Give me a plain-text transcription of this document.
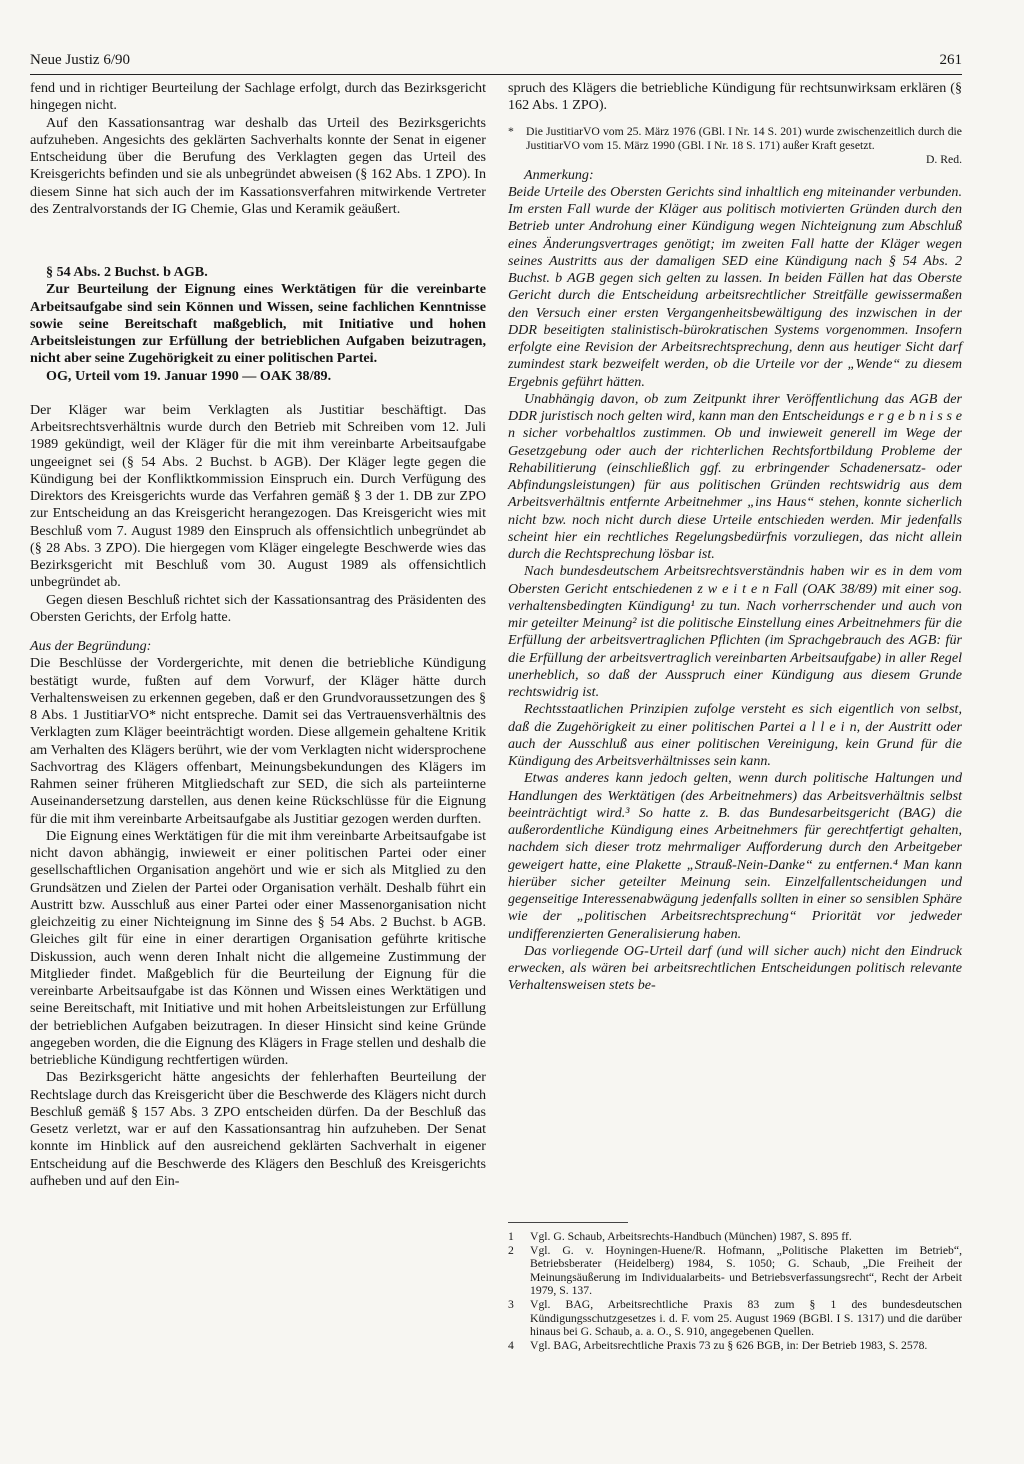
Neue Justiz 6/90	261

fend und in richtiger Beurteilung der Sachlage erfolgt, durch das Bezirksgericht hingegen nicht.

Auf den Kassationsantrag war deshalb das Urteil des Bezirksgerichts aufzuheben. Angesichts des geklärten Sachverhalts konnte der Senat in eigener Entscheidung über die Berufung des Verklagten gegen das Urteil des Kreisgerichts befinden und sie als unbegründet abweisen (§ 162 Abs. 1 ZPO). In diesem Sinne hat sich auch der im Kassationsverfahren mitwirkende Vertreter des Zentralvorstands der IG Chemie, Glas und Keramik geäußert.

§ 54 Abs. 2 Buchst. b AGB.

Zur Beurteilung der Eignung eines Werktätigen für die vereinbarte Arbeitsaufgabe sind sein Können und Wissen, seine fachlichen Kenntnisse sowie seine Bereitschaft maßgeblich, mit Initiative und hohen Arbeitsleistungen zur Erfüllung der betrieblichen Aufgaben beizutragen, nicht aber seine Zugehörigkeit zu einer politischen Partei.

OG, Urteil vom 19. Januar 1990 — OAK 38/89.

Der Kläger war beim Verklagten als Justitiar beschäftigt. Das Arbeitsrechtsverhältnis wurde durch den Betrieb mit Schreiben vom 12. Juli 1989 gekündigt, weil der Kläger für die mit ihm vereinbarte Arbeitsaufgabe ungeeignet sei (§ 54 Abs. 2 Buchst. b AGB). Der Kläger legte gegen die Kündigung bei der Konfliktkommission Einspruch ein. Durch Verfügung des Direktors des Kreisgerichts wurde das Verfahren gemäß § 3 der 1. DB zur ZPO zur Entscheidung an das Kreisgericht herangezogen. Das Kreisgericht wies mit Beschluß vom 7. August 1989 den Einspruch als offensichtlich unbegründet ab (§ 28 Abs. 3 ZPO). Die hiergegen vom Kläger eingelegte Beschwerde wies das Bezirksgericht mit Beschluß vom 30. August 1989 als offensichtlich unbegründet ab.

Gegen diesen Beschluß richtet sich der Kassationsantrag des Präsidenten des Obersten Gerichts, der Erfolg hatte.

Aus der Begründung:

Die Beschlüsse der Vordergerichte, mit denen die betriebliche Kündigung bestätigt wurde, fußten auf dem Vorwurf, der Kläger hätte durch Verhaltensweisen zu erkennen gegeben, daß er den Grundvoraussetzungen des § 8 Abs. 1 JustitiarVO* nicht entspreche. Damit sei das Vertrauensverhältnis des Verklagten zum Kläger beeinträchtigt worden. Diese allgemein gehaltene Kritik am Verhalten des Klägers berührt, wie der vom Verklagten nicht widersprochene Sachvortrag des Klägers offenbart, Meinungsbekundungen des Klägers im Rahmen seiner früheren Mitgliedschaft zur SED, die sich als parteiinterne Auseinandersetzung darstellen, aus denen keine Rückschlüsse für die Eignung für die mit ihm vereinbarte Arbeitsaufgabe als Justitiar gezogen werden durften.

Die Eignung eines Werktätigen für die mit ihm vereinbarte Arbeitsaufgabe ist nicht davon abhängig, inwieweit er einer politischen Partei oder einer gesellschaftlichen Organisation angehört und wie er sich als Mitglied zu den Grundsätzen und Zielen der Partei oder Organisation verhält. Deshalb führt ein Austritt bzw. Ausschluß aus einer Partei oder einer Massenorganisation nicht gleichzeitig zu einer Nichteignung im Sinne des § 54 Abs. 2 Buchst. b AGB. Gleiches gilt für eine in einer derartigen Organisation geführte kritische Diskussion, auch wenn deren Inhalt nicht die allgemeine Zustimmung der Mitglieder findet. Maßgeblich für die Beurteilung der Eignung für die vereinbarte Arbeitsaufgabe ist das Können und Wissen eines Werktätigen und seine Bereitschaft, mit Initiative und mit hohen Arbeitsleistungen zur Erfüllung der betrieblichen Aufgaben beizutragen. In dieser Hinsicht sind keine Gründe angegeben worden, die die Eignung des Klägers in Frage stellen und deshalb die betriebliche Kündigung rechtfertigen würden.

Das Bezirksgericht hätte angesichts der fehlerhaften Beurteilung der Rechtslage durch das Kreisgericht über die Beschwerde des Klägers nicht durch Beschluß gemäß § 157 Abs. 3 ZPO entscheiden dürfen. Da der Beschluß das Gesetz verletzt, war er auf den Kassationsantrag hin aufzuheben. Der Senat konnte im Hinblick auf den ausreichend geklärten Sachverhalt in eigener Entscheidung auf die Beschwerde des Klägers den Beschluß des Kreisgerichts aufheben und auf den Ein-

spruch des Klägers die betriebliche Kündigung für rechtsunwirksam erklären (§ 162 Abs. 1 ZPO).

*	Die JustitiarVO vom 25. März 1976 (GBl. I Nr. 14 S. 201) wurde zwischenzeitlich durch die JustitiarVO vom 15. März 1990 (GBl. I Nr. 18 S. 171) außer Kraft gesetzt.
D. Red.

Anmerkung:

Beide Urteile des Obersten Gerichts sind inhaltlich eng miteinander verbunden. Im ersten Fall wurde der Kläger aus politisch motivierten Gründen durch den Betrieb unter Androhung einer Kündigung wegen Nichteignung zum Abschluß eines Änderungsvertrages genötigt; im zweiten Fall hatte der Kläger wegen seines Austritts aus der damaligen SED eine Kündigung nach § 54 Abs. 2 Buchst. b AGB gegen sich gelten zu lassen. In beiden Fällen hat das Oberste Gericht durch die Entscheidung arbeitsrechtlicher Streitfälle gewissermaßen den Versuch einer ersten Vergangenheitsbewältigung des inzwischen in der DDR beseitigten stalinistisch-bürokratischen Systems vorgenommen. Insofern erfolgte eine Revision der Arbeitsrechtsprechung, denn aus heutiger Sicht darf zumindest stark bezweifelt werden, ob die Urteile vor der „Wende“ zu diesem Ergebnis geführt hätten.

Unabhängig davon, ob zum Zeitpunkt ihrer Veröffentlichung das AGB der DDR juristisch noch gelten wird, kann man den Entscheidungs e r g e b n i s s e n sicher vorbehaltlos zustimmen. Ob und inwieweit generell im Wege der Gesetzgebung oder auch der richterlichen Rechtsfortbildung Probleme der Rehabilitierung (einschließlich ggf. zu erbringender Schadenersatz- oder Abfindungsleistungen) für aus politischen Gründen rechtswidrig aus dem Arbeitsverhältnis entfernte Arbeitnehmer „ins Haus“ stehen, konnte sicherlich nicht bzw. noch nicht durch diese Urteile entschieden werden. Mir jedenfalls scheint hier ein rechtliches Regelungsbedürfnis vorzuliegen, das nicht allein durch die Rechtsprechung lösbar ist.

Nach bundesdeutschem Arbeitsrechtsverständnis haben wir es in dem vom Obersten Gericht entschiedenen z w e i t e n Fall (OAK 38/89) mit einer sog. verhaltensbedingten Kündigung¹ zu tun. Nach vorherrschender und auch von mir geteilter Meinung² ist die politische Einstellung eines Arbeitnehmers für die Erfüllung der arbeitsvertraglichen Pflichten (im Sprachgebrauch des AGB: für die Erfüllung der arbeitsvertraglich vereinbarten Arbeitsaufgabe) in aller Regel unerheblich, so daß der Ausspruch einer Kündigung aus diesem Grunde rechtswidrig ist.

Rechtsstaatlichen Prinzipien zufolge versteht es sich eigentlich von selbst, daß die Zugehörigkeit zu einer politischen Partei a l l e i n, der Austritt oder auch der Ausschluß aus einer politischen Vereinigung, kein Grund für die Kündigung des Arbeitsverhältnisses sein kann.

Etwas anderes kann jedoch gelten, wenn durch politische Haltungen und Handlungen des Werktätigen (des Arbeitnehmers) das Arbeitsverhältnis selbst beeinträchtigt wird.³ So hatte z. B. das Bundesarbeitsgericht (BAG) die außerordentliche Kündigung eines Arbeitnehmers für gerechtfertigt gehalten, nachdem sich dieser trotz mehrmaliger Aufforderung durch den Arbeitgeber geweigert hatte, eine Plakette „Strauß-Nein-Danke“ zu entfernen.⁴ Man kann hierüber sicher geteilter Meinung sein. Einzelfallentscheidungen und gegenseitige Interessenabwägung jedenfalls sollten in einer so sensiblen Sphäre wie der „politischen Arbeitsrechtsprechung“ Priorität vor jedweder undifferenzierten Generalisierung haben.

Das vorliegende OG-Urteil darf (und will sicher auch) nicht den Eindruck erwecken, als wären bei arbeitsrechtlichen Entscheidungen politisch relevante Verhaltensweisen stets be-

1	Vgl. G. Schaub, Arbeitsrechts-Handbuch (München) 1987, S. 895 ff.
2	Vgl. G. v. Hoyningen-Huene/R. Hofmann, „Politische Plaketten im Betrieb“, Betriebsberater (Heidelberg) 1984, S. 1050; G. Schaub, „Die Freiheit der Meinungsäußerung im Individualarbeits- und Betriebsverfassungsrecht“, Recht der Arbeit 1979, S. 137.
3	Vgl. BAG, Arbeitsrechtliche Praxis 83 zum § 1 des bundesdeutschen Kündigungsschutzgesetzes i. d. F. vom 25. August 1969 (BGBl. I S. 1317) und die darüber hinaus bei G. Schaub, a. a. O., S. 910, angegebenen Quellen.
4	Vgl. BAG, Arbeitsrechtliche Praxis 73 zu § 626 BGB, in: Der Betrieb 1983, S. 2578.
